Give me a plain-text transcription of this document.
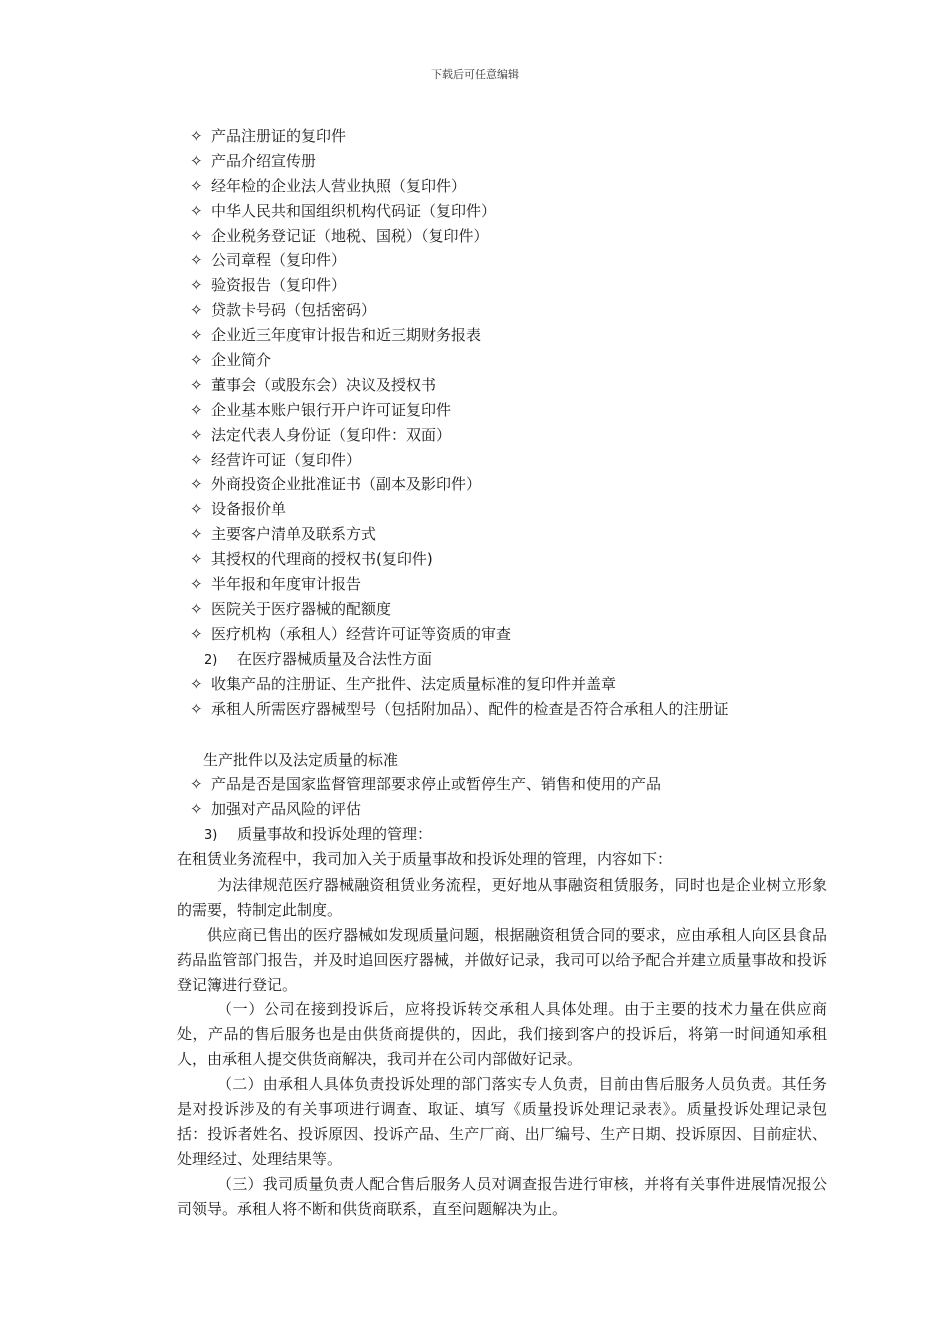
下载后可任意编辑
✧ 产品注册证的复印件
✧ 产品介绍宣传册
✧ 经年检的企业法人营业执照（复印件）
✧ 中华人民共和国组织机构代码证（复印件）
✧ 企业税务登记证（地税、国税）（复印件）
✧ 公司章程（复印件）
✧ 验资报告（复印件）
✧ 贷款卡号码（包括密码）
✧ 企业近三年度审计报告和近三期财务报表
✧ 企业简介
✧ 董事会（或股东会）决议及授权书
✧ 企业基本账户银行开户许可证复印件
✧ 法定代表人身份证（复印件：双面）
✧ 经营许可证（复印件）
✧ 外商投资企业批准证书（副本及影印件）
✧ 设备报价单
✧ 主要客户清单及联系方式
✧ 其授权的代理商的授权书(复印件)
✧ 半年报和年度审计报告
✧ 医院关于医疗器械的配额度
✧ 医疗机构（承租人）经营许可证等资质的审查
2) 在医疗器械质量及合法性方面
✧ 收集产品的注册证、生产批件、法定质量标准的复印件并盖章
✧ 承租人所需医疗器械型号（包括附加品）、配件的检查是否符合承租人的注册证
生产批件以及法定质量的标准
✧ 产品是否是国家监督管理部要求停止或暂停生产、销售和使用的产品
✧ 加强对产品风险的评估
3) 质量事故和投诉处理的管理：
在租赁业务流程中，我司加入关于质量事故和投诉处理的管理，内容如下：
为法律规范医疗器械融资租赁业务流程，更好地从事融资租赁服务，同时也是企业树立形象的需要，特制定此制度。
供应商已售出的医疗器械如发现质量问题，根据融资租赁合同的要求，应由承租人向区县食品药品监管部门报告，并及时追回医疗器械，并做好记录，我司可以给予配合并建立质量事故和投诉登记簿进行登记。
（一）公司在接到投诉后，应将投诉转交承租人具体处理。由于主要的技术力量在供应商处，产品的售后服务也是由供货商提供的，因此，我们接到客户的投诉后，将第一时间通知承租人，由承租人提交供货商解决，我司并在公司内部做好记录。
（二）由承租人具体负责投诉处理的部门落实专人负责，目前由售后服务人员负责。其任务是对投诉涉及的有关事项进行调查、取证、填写《质量投诉处理记录表》。质量投诉处理记录包括：投诉者姓名、投诉原因、投诉产品、生产厂商、出厂编号、生产日期、投诉原因、目前症状、处理经过、处理结果等。
（三）我司质量负责人配合售后服务人员对调查报告进行审核，并将有关事件进展情况报公司领导。承租人将不断和供货商联系，直至问题解决为止。
